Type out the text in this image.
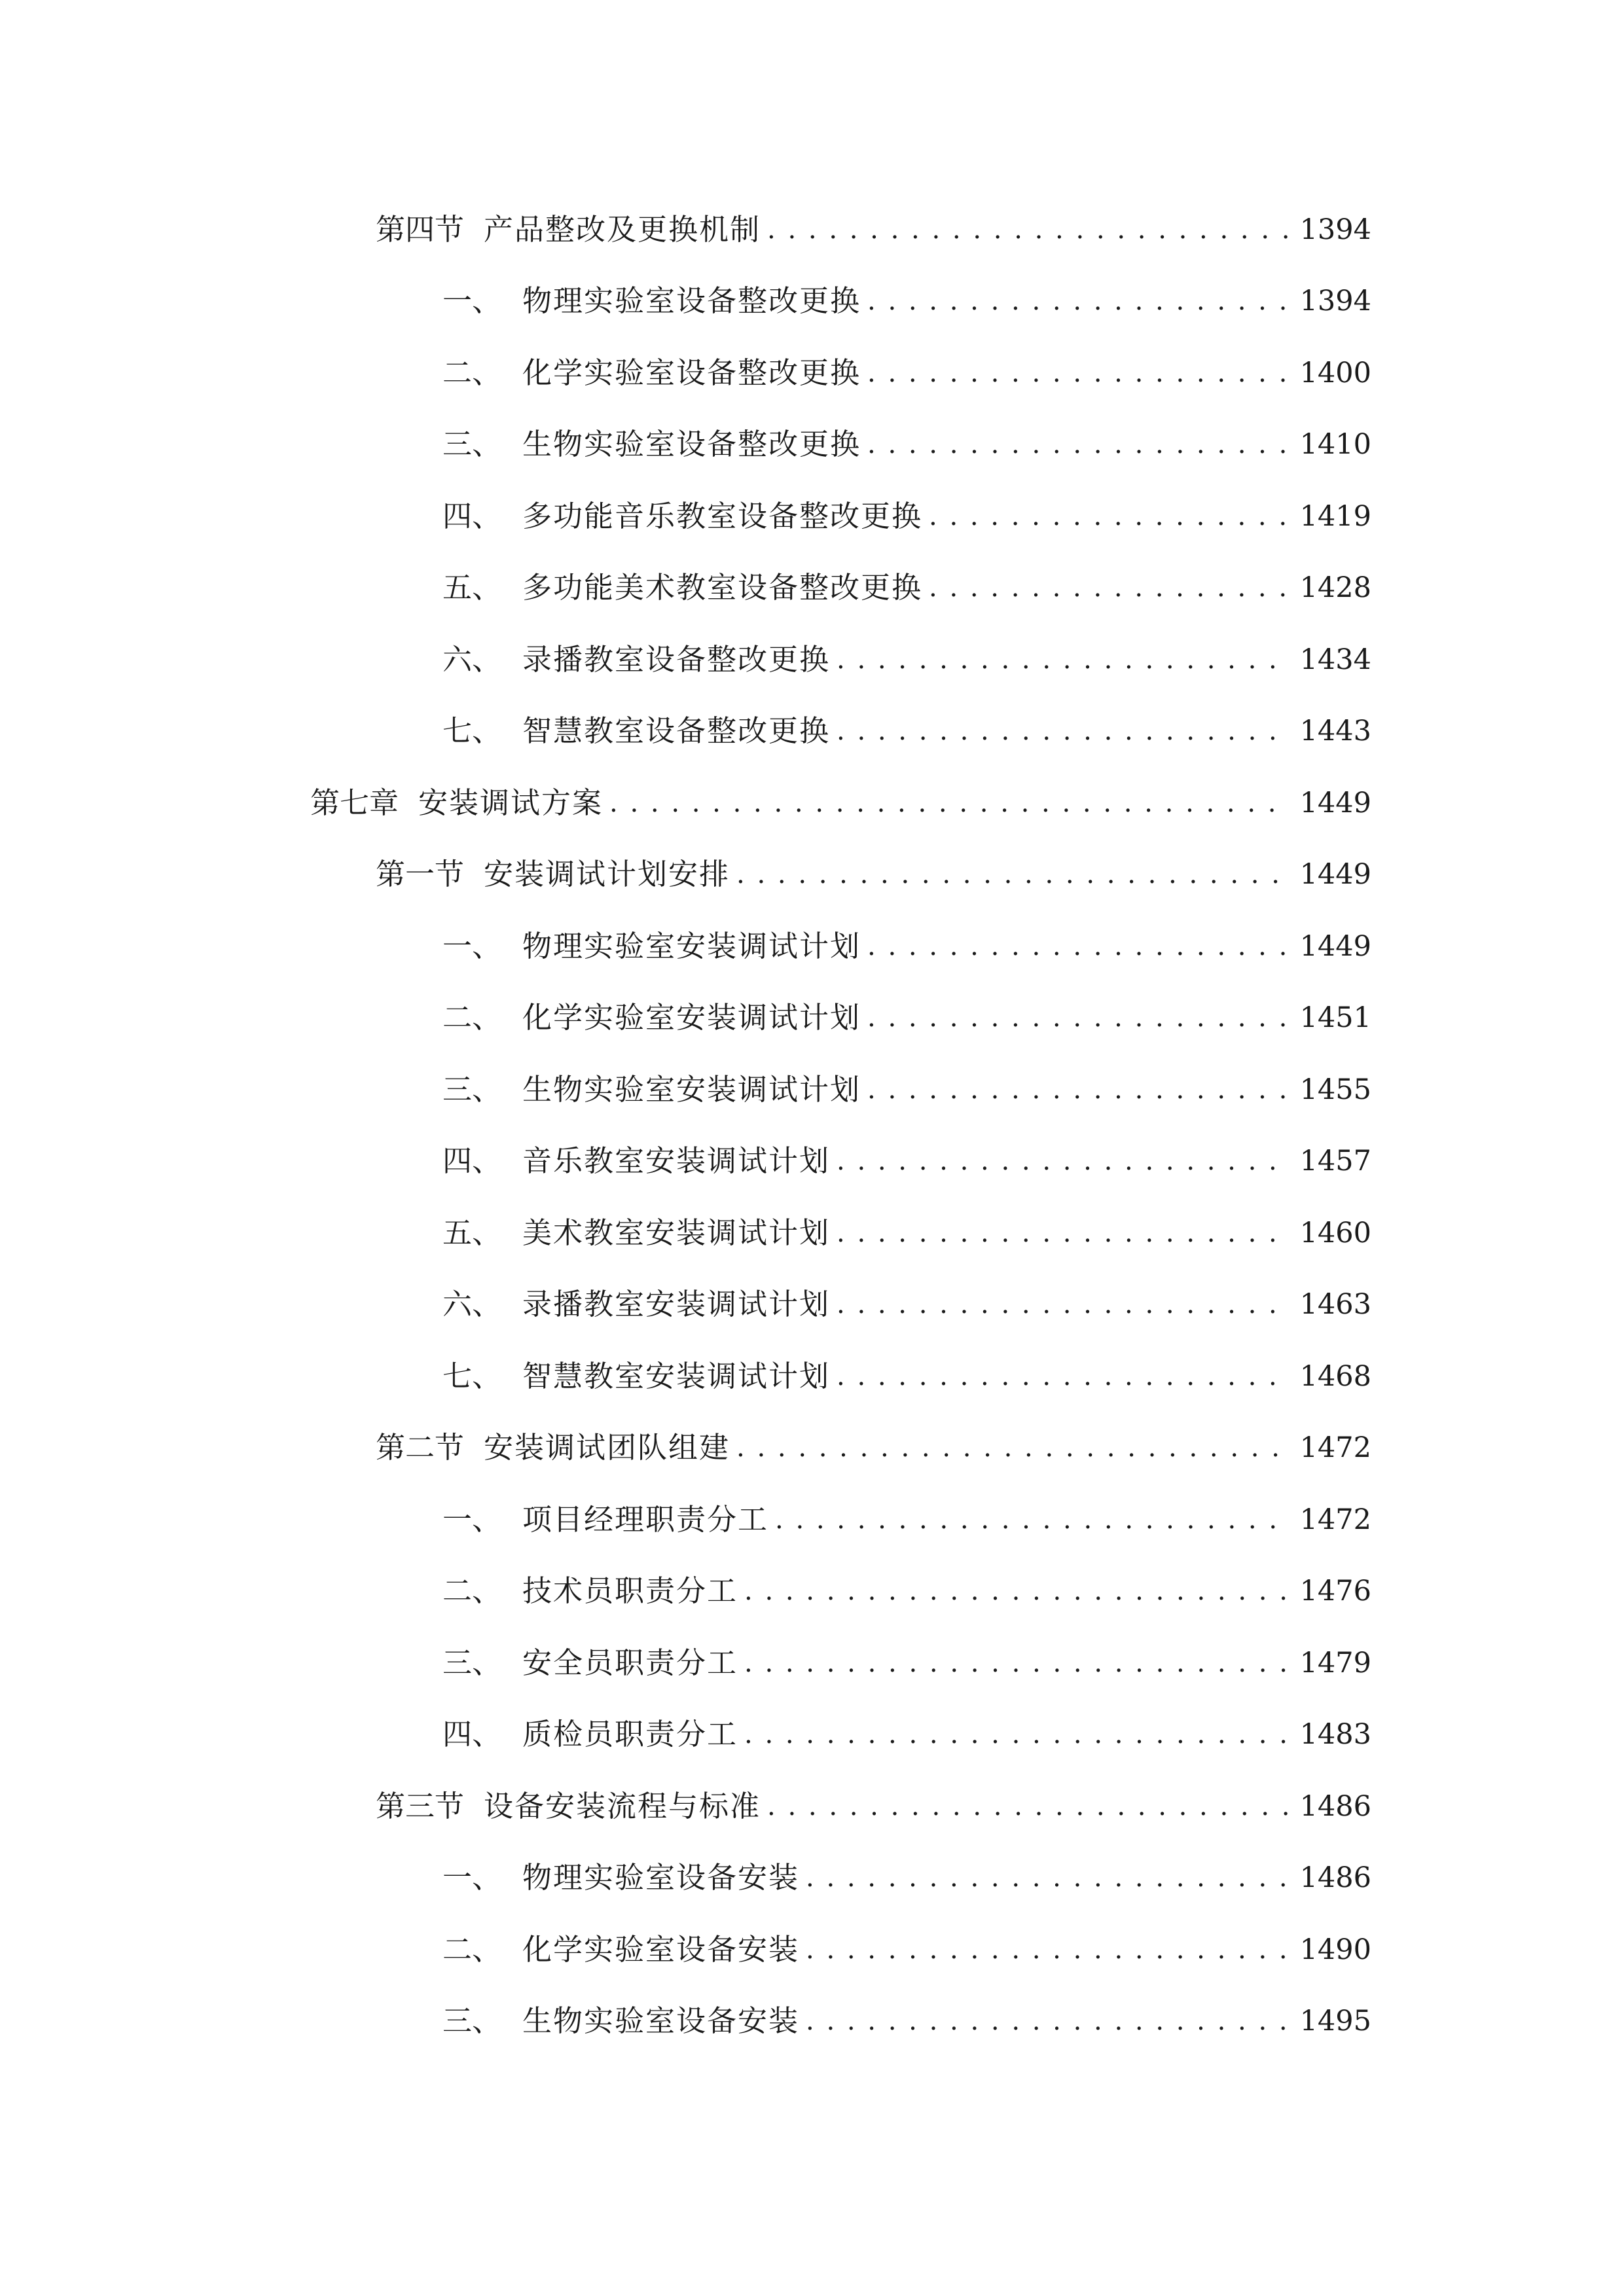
第四节 产品整改及更换机制 . . .	1394
一、 物理实验室设备整改更换 . . .	1394
二、 化学实验室设备整改更换 . . .	1400
三、 生物实验室设备整改更换 . . .	1410
四、 多功能音乐教室设备整改更换 . . .	1419
五、 多功能美术教室设备整改更换 . . .	1428
六、 录播教室设备整改更换 . . .	1434
七、 智慧教室设备整改更换 . . .	1443
第七章 安装调试方案 . . .	1449
第一节 安装调试计划安排 . . .	1449
一、 物理实验室安装调试计划 . . .	1449
二、 化学实验室安装调试计划 . . .	1451
三、 生物实验室安装调试计划 . . .	1455
四、 音乐教室安装调试计划 . . .	1457
五、 美术教室安装调试计划 . . .	1460
六、 录播教室安装调试计划 . . .	1463
七、 智慧教室安装调试计划 . . .	1468
第二节 安装调试团队组建 . . .	1472
一、 项目经理职责分工 . . .	1472
二、 技术员职责分工 . . .	1476
三、 安全员职责分工 . . .	1479
四、 质检员职责分工 . . .	1483
第三节 设备安装流程与标准 . . .	1486
一、 物理实验室设备安装 . . .	1486
二、 化学实验室设备安装 . . .	1490
三、 生物实验室设备安装 . . .	1495
